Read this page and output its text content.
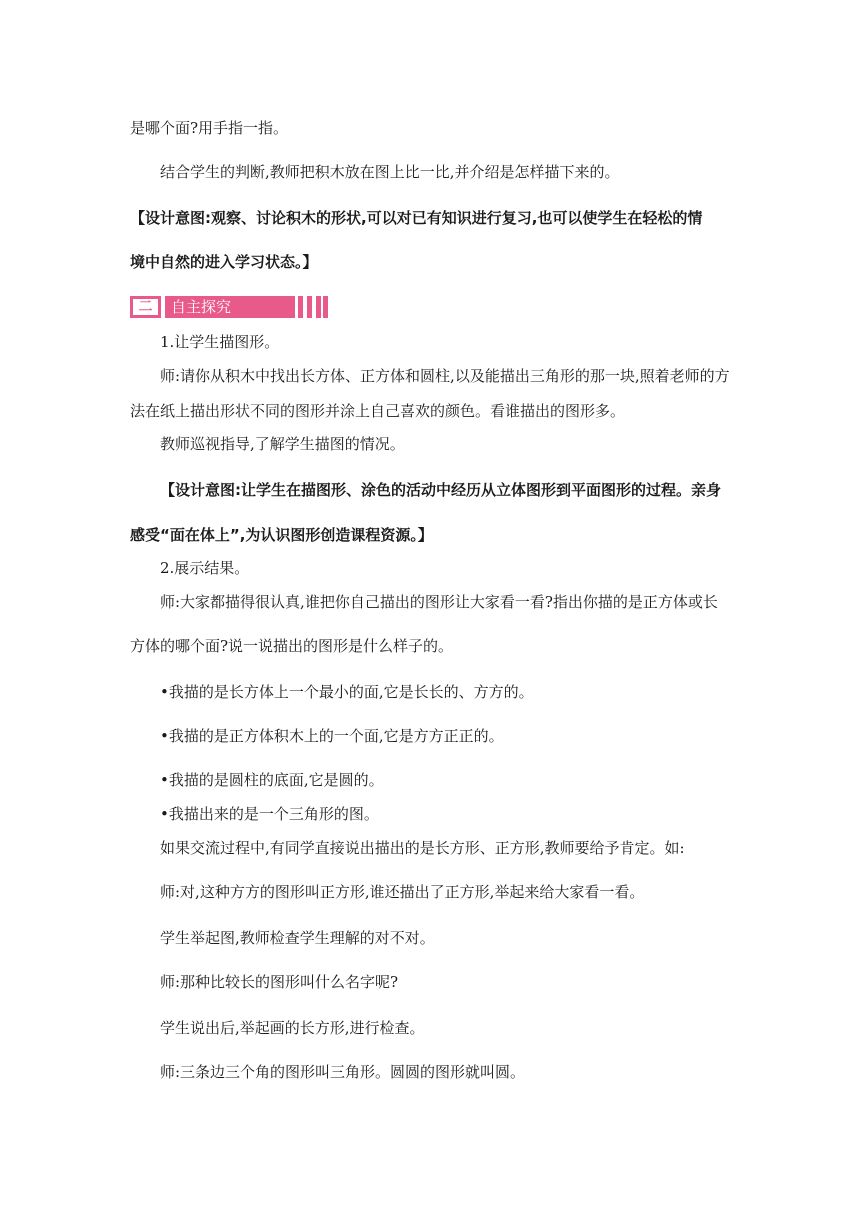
是哪个面?用手指一指。
结合学生的判断,教师把积木放在图上比一比,并介绍是怎样描下来的。
【设计意图:观察、讨论积木的形状,可以对已有知识进行复习,也可以使学生在轻松的情
境中自然的进入学习状态。】
二	自主探究
1.让学生描图形。
师:请你从积木中找出长方体、正方体和圆柱,以及能描出三角形的那一块,照着老师的方
法在纸上描出形状不同的图形并涂上自己喜欢的颜色。看谁描出的图形多。
教师巡视指导,了解学生描图的情况。
【设计意图:让学生在描图形、涂色的活动中经历从立体图形到平面图形的过程。亲身
感受“面在体上”,为认识图形创造课程资源。】
2.展示结果。
师:大家都描得很认真,谁把你自己描出的图形让大家看一看?指出你描的是正方体或长
方体的哪个面?说一说描出的图形是什么样子的。
•我描的是长方体上一个最小的面,它是长长的、方方的。
•我描的是正方体积木上的一个面,它是方方正正的。
•我描的是圆柱的底面,它是圆的。
•我描出来的是一个三角形的图。
如果交流过程中,有同学直接说出描出的是长方形、正方形,教师要给予肯定。如:
师:对,这种方方的图形叫正方形,谁还描出了正方形,举起来给大家看一看。
学生举起图,教师检查学生理解的对不对。
师:那种比较长的图形叫什么名字呢?
学生说出后,举起画的长方形,进行检查。
师:三条边三个角的图形叫三角形。圆圆的图形就叫圆。
